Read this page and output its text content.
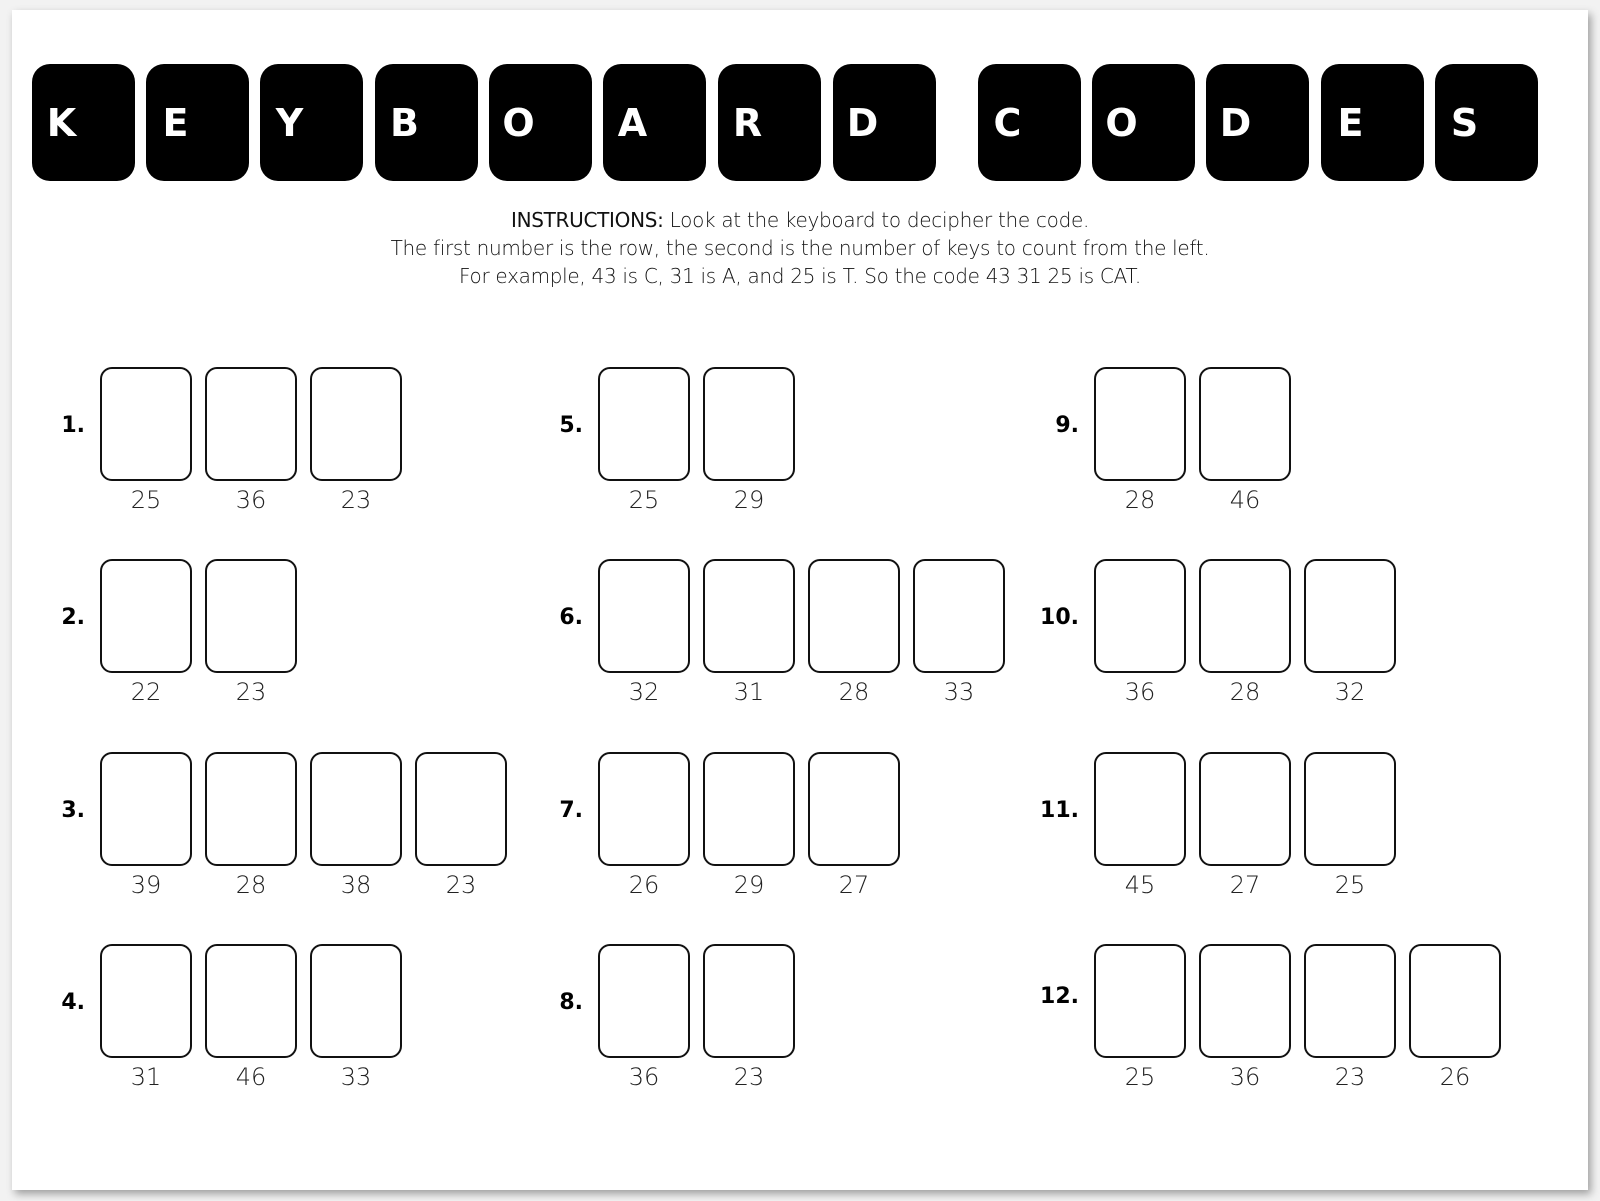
K E Y B O A R D	C O D E S
INSTRUCTIONS: Look at the keyboard to decipher the code.
The first number is the row, the second is the number of keys to count from the left.
For example, 43 is C, 31 is A, and 25 is T. So the code 43 31 25 is CAT.
1.
25	36	23
2.
22	23
3.
39	28	38	23
4.
31	46	33
5.
25	29
6.
32	31	28	33
7.
26	29	27
8.
36	23
9.
28	46
10.
36	28	32
11.
45	27	25
12.
25	36	23	26
